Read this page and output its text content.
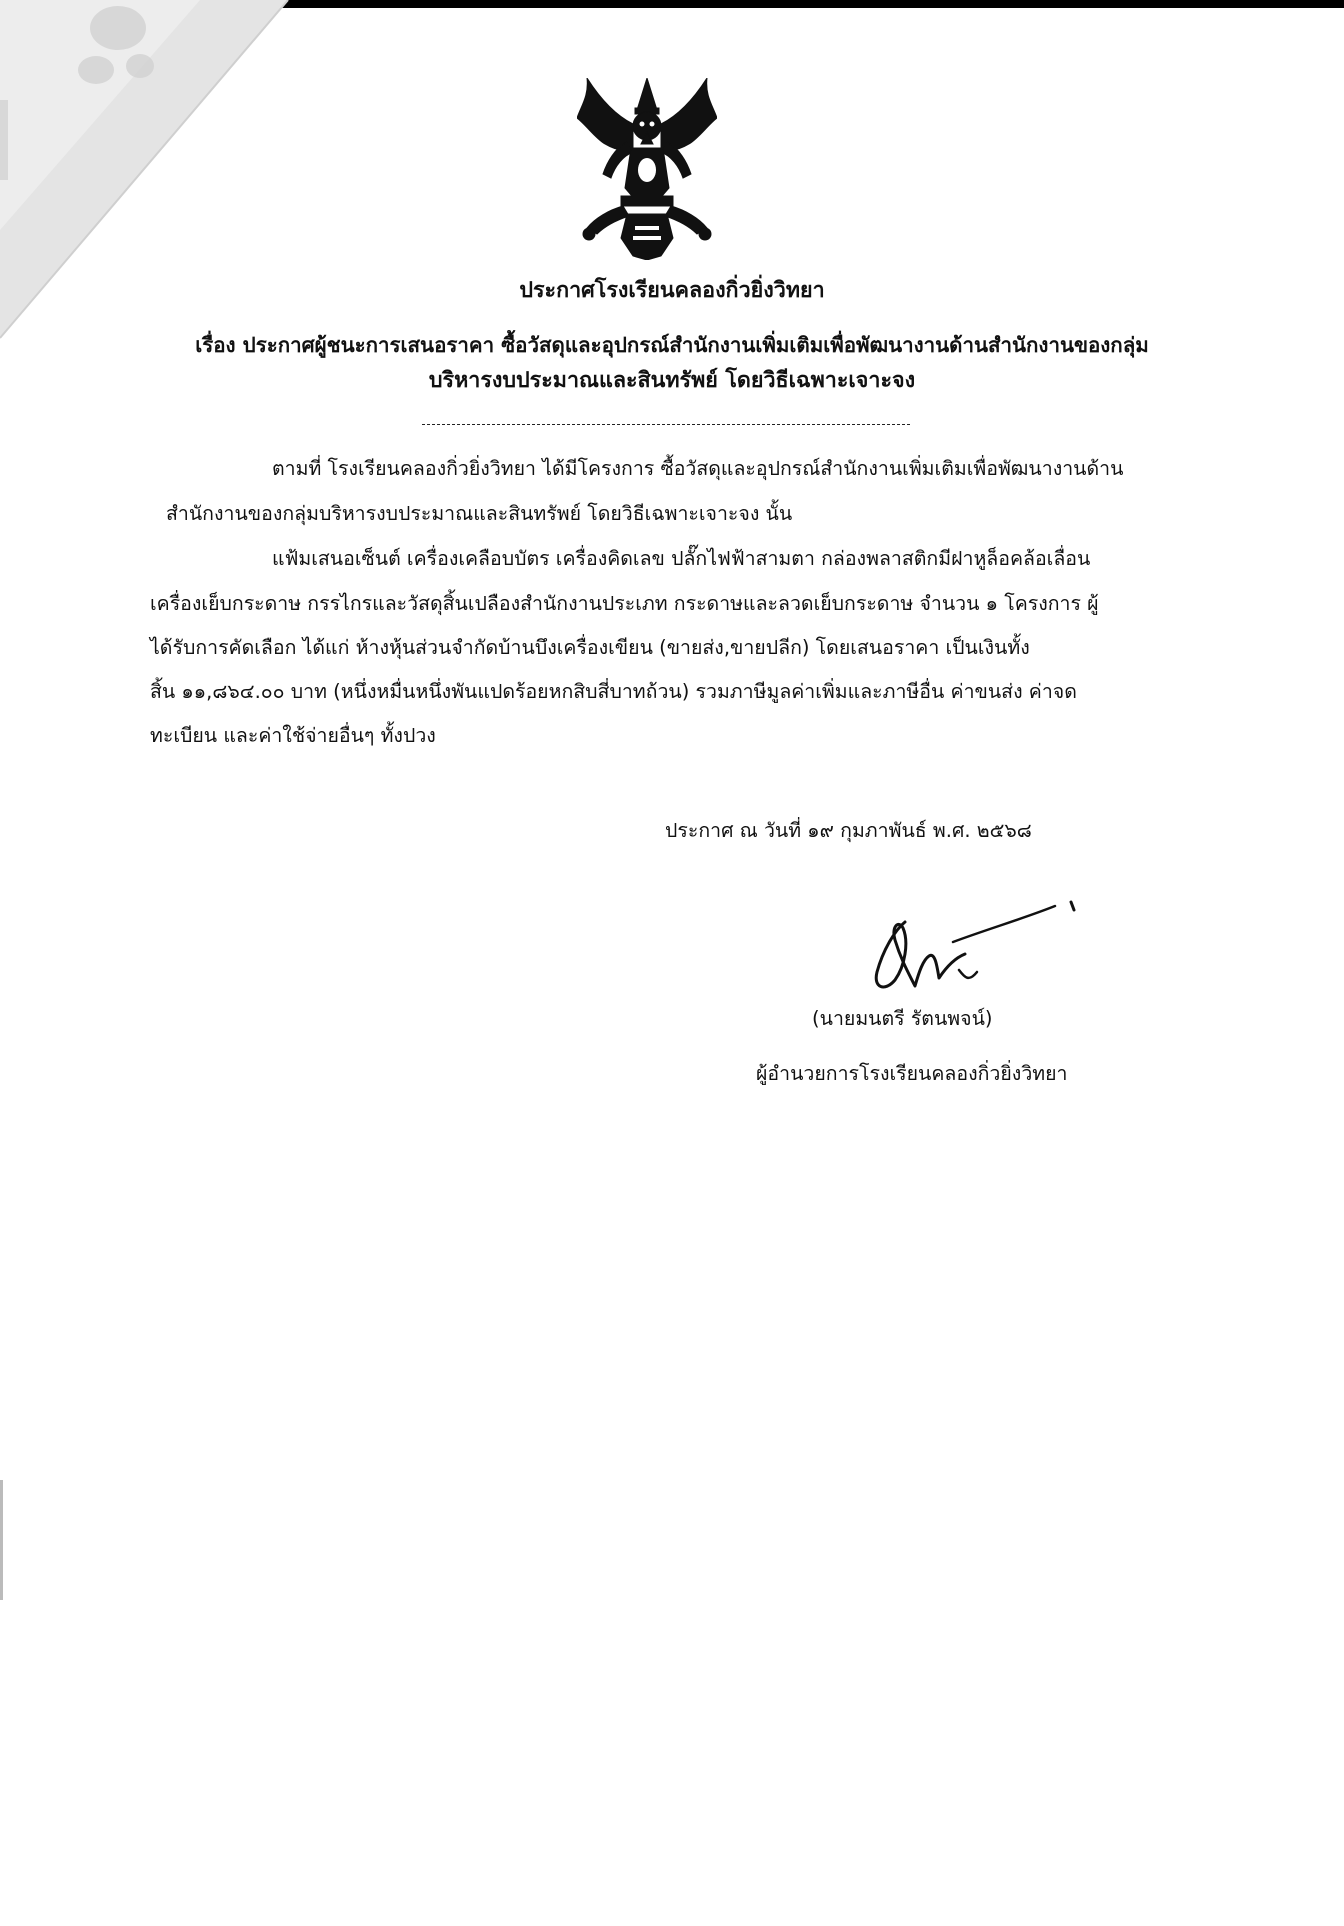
ประกาศโรงเรียนคลองกิ่วยิ่งวิทยา
เรื่อง ประกาศผู้ชนะการเสนอราคา ซื้อวัสดุและอุปกรณ์สำนักงานเพิ่มเติมเพื่อพัฒนางานด้านสำนักงานของกลุ่ม
บริหารงบประมาณและสินทรัพย์ โดยวิธีเฉพาะเจาะจง
ตามที่ โรงเรียนคลองกิ่วยิ่งวิทยา ได้มีโครงการ ซื้อวัสดุและอุปกรณ์สำนักงานเพิ่มเติมเพื่อพัฒนางานด้าน
สำนักงานของกลุ่มบริหารงบประมาณและสินทรัพย์ โดยวิธีเฉพาะเจาะจง นั้น
แฟ้มเสนอเซ็นต์ เครื่องเคลือบบัตร เครื่องคิดเลข ปลั๊กไฟฟ้าสามตา กล่องพลาสติกมีฝาหูล็อคล้อเลื่อน
เครื่องเย็บกระดาษ กรรไกรและวัสดุสิ้นเปลืองสำนักงานประเภท กระดาษและลวดเย็บกระดาษ จำนวน ๑ โครงการ ผู้
ได้รับการคัดเลือก ได้แก่ ห้างหุ้นส่วนจำกัดบ้านบึงเครื่องเขียน (ขายส่ง,ขายปลีก) โดยเสนอราคา เป็นเงินทั้ง
สิ้น ๑๑,๘๖๔.๐๐ บาท (หนึ่งหมื่นหนึ่งพันแปดร้อยหกสิบสี่บาทถ้วน) รวมภาษีมูลค่าเพิ่มและภาษีอื่น ค่าขนส่ง ค่าจด
ทะเบียน และค่าใช้จ่ายอื่นๆ ทั้งปวง
ประกาศ ณ วันที่ ๑๙ กุมภาพันธ์ พ.ศ. ๒๕๖๘
(นายมนตรี รัตนพจน์)
ผู้อำนวยการโรงเรียนคลองกิ่วยิ่งวิทยา
